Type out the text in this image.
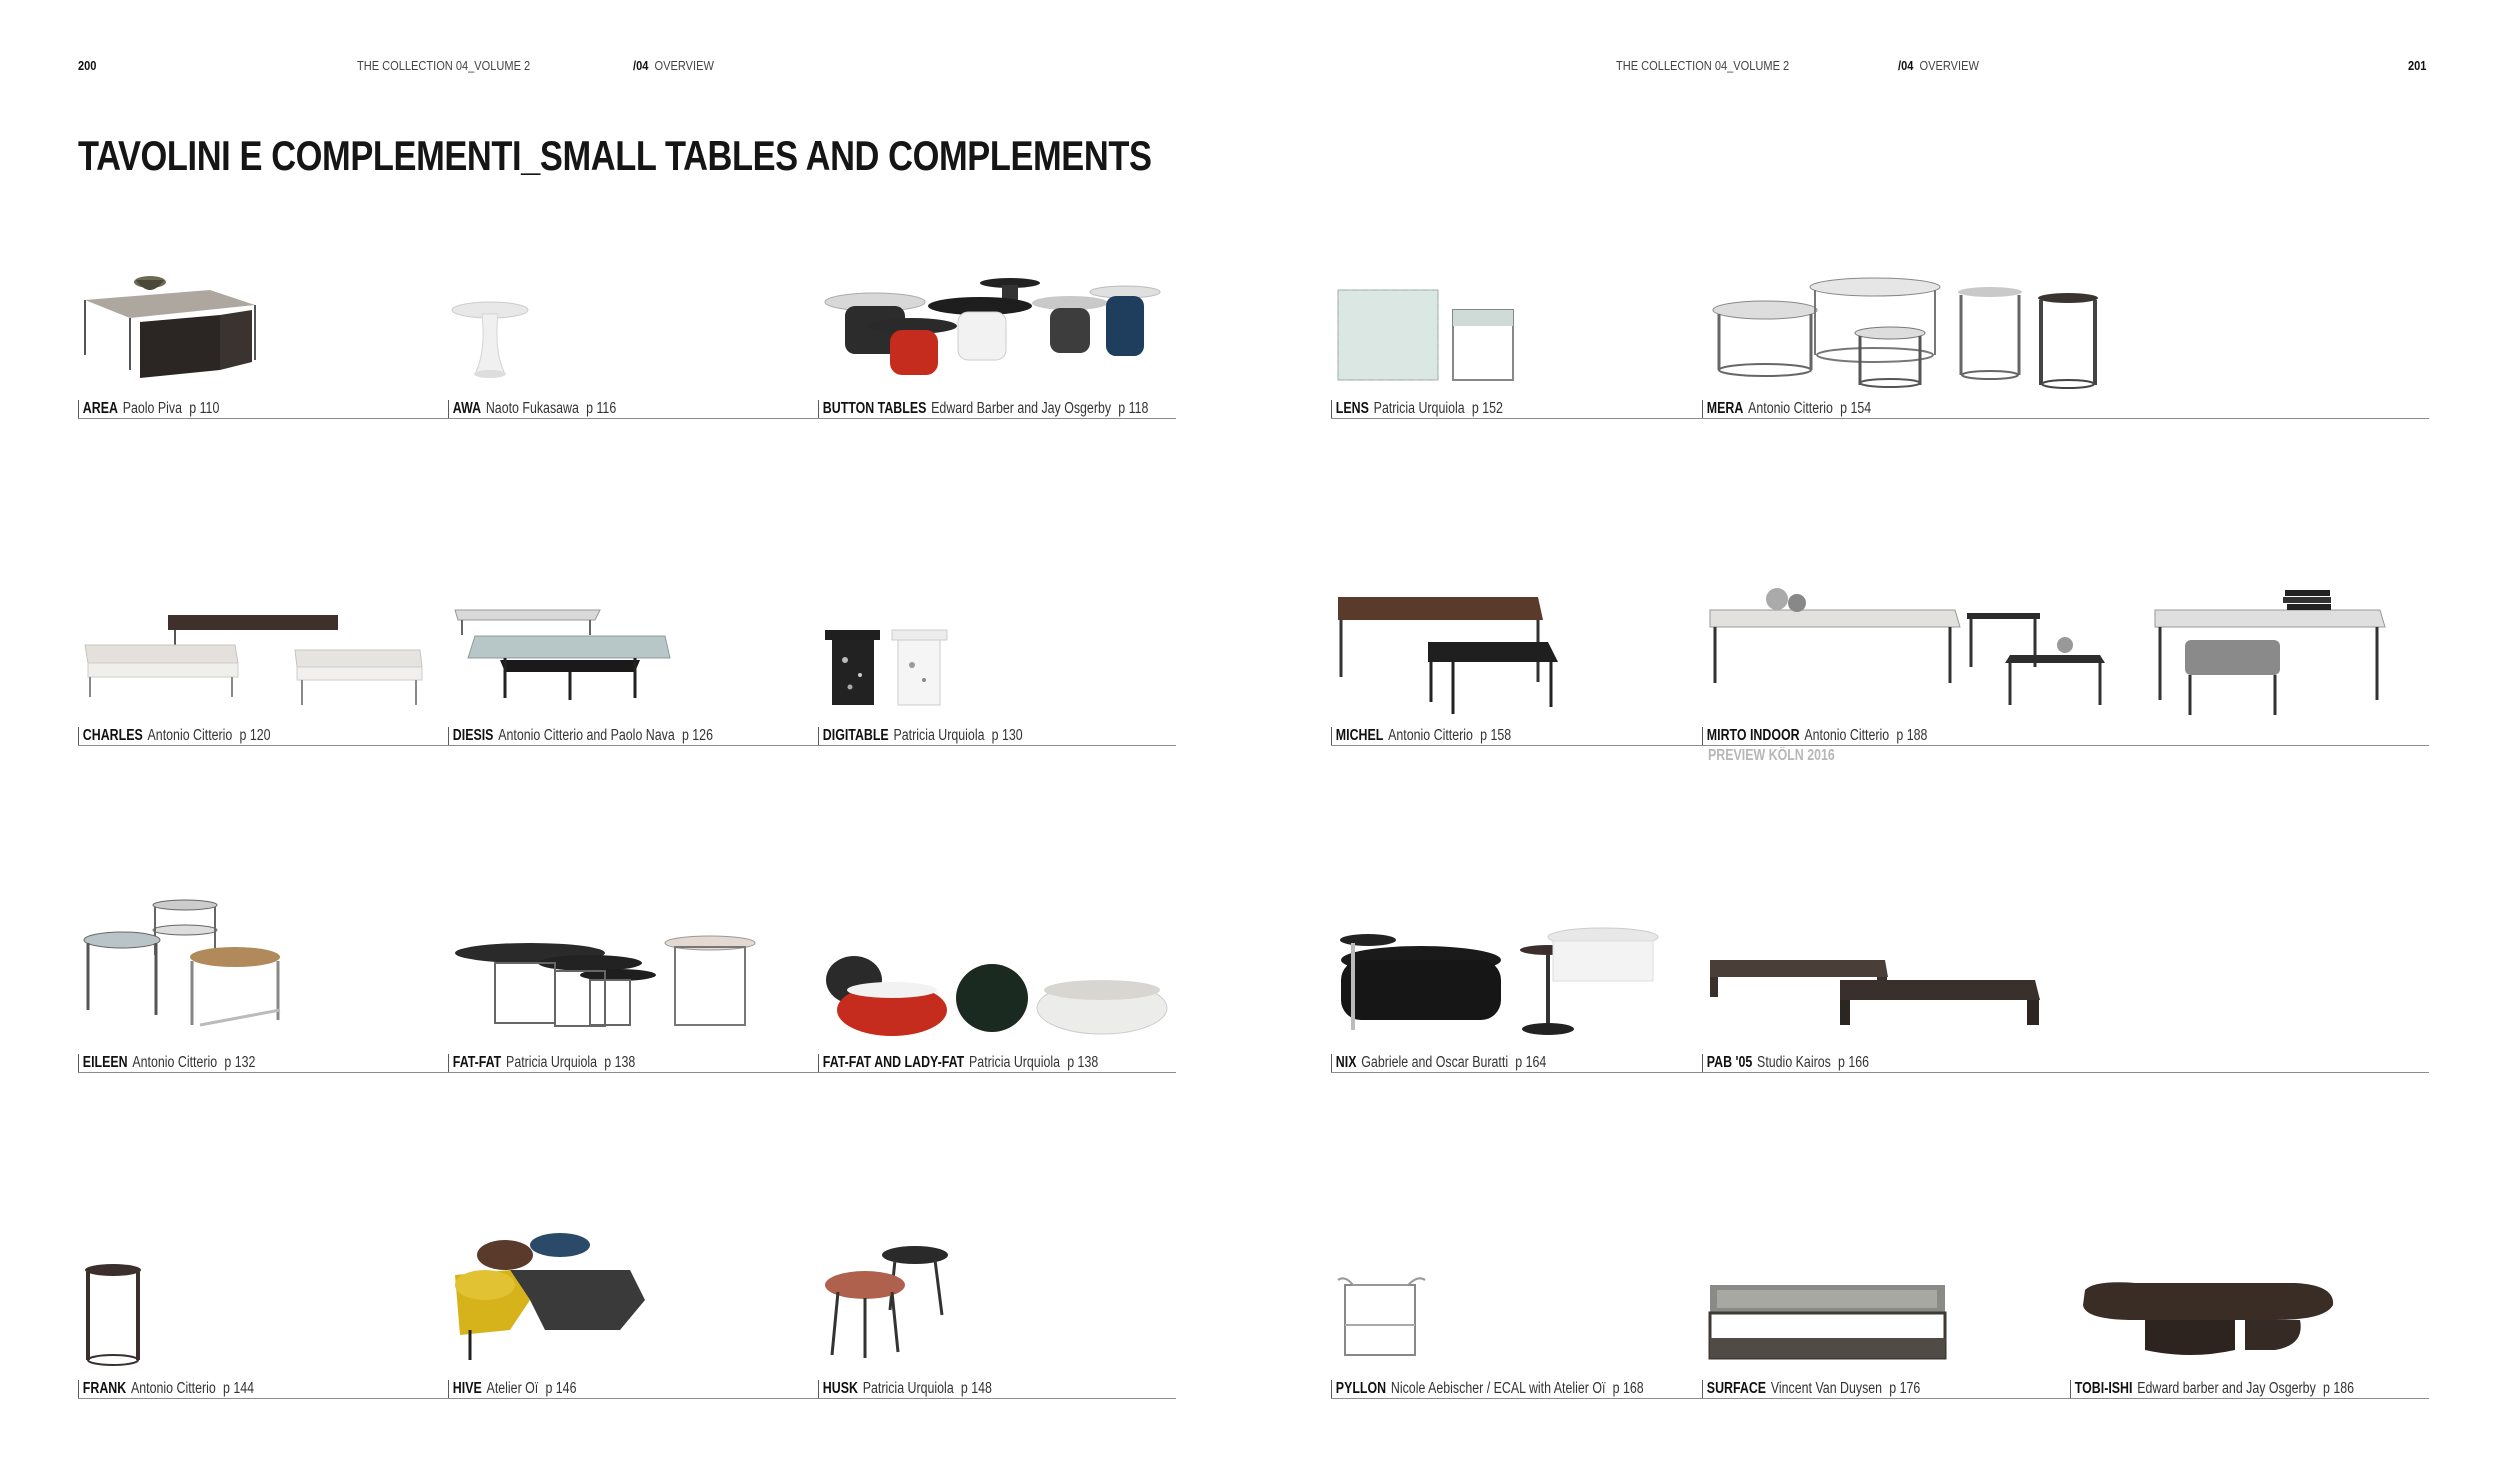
200	THE COLLECTION 04_VOLUME 2	/04 OVERVIEW	THE COLLECTION 04_VOLUME 2	/04 OVERVIEW	201
TAVOLINI E COMPLEMENTI_SMALL TABLES AND COMPLEMENTS
AREA Paolo Piva p 110	AWA Naoto Fukasawa p 116	BUTTON TABLES Edward Barber and Jay Osgerby p 118	LENS Patricia Urquiola p 152	MERA Antonio Citterio p 154
CHARLES Antonio Citterio p 120	DIESIS Antonio Citterio and Paolo Nava p 126	DIGITABLE Patricia Urquiola p 130	MICHEL Antonio Citterio p 158	MIRTO INDOOR Antonio Citterio p 188
PREVIEW KÖLN 2016
EILEEN Antonio Citterio p 132	FAT-FAT Patricia Urquiola p 138	FAT-FAT AND LADY-FAT Patricia Urquiola p 138	NIX Gabriele and Oscar Buratti p 164	PAB '05 Studio Kairos p 166
FRANK Antonio Citterio p 144	HIVE Atelier Oï p 146	HUSK Patricia Urquiola p 148	PYLLON Nicole Aebischer / ECAL with Atelier Oï p 168	SURFACE Vincent Van Duysen p 176	TOBI-ISHI Edward barber and Jay Osgerby p 186
